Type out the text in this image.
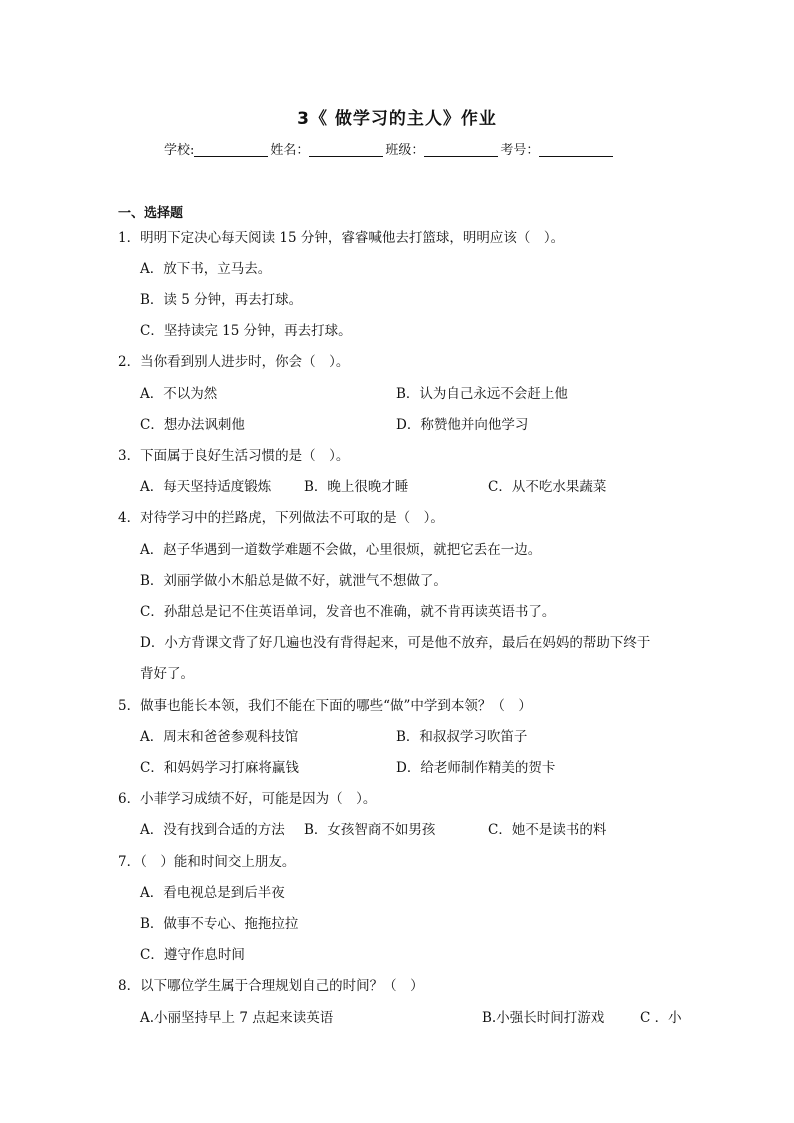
3《 做学习的主人》作业
学校:	姓名：	班级：	考号：
一、选择题
1．明明下定决心每天阅读 15 分钟，睿睿喊他去打篮球，明明应该（　）。
A．放下书，立马去。
B．读 5 分钟，再去打球。
C．坚持读完 15 分钟，再去打球。
2．当你看到别人进步时，你会（　）。
A．不以为然	B．认为自己永远不会赶上他
C．想办法讽刺他	D．称赞他并向他学习
3．下面属于良好生活习惯的是（　）。
A．每天坚持适度锻炼 B．晚上很晚才睡	C．从不吃水果蔬菜
4．对待学习中的拦路虎，下列做法不可取的是（　）。
A．赵子华遇到一道数学难题不会做，心里很烦，就把它丢在一边。
B．刘丽学做小木船总是做不好，就泄气不想做了。
C．孙甜总是记不住英语单词，发音也不准确，就不肯再读英语书了。
D．小方背课文背了好几遍也没有背得起来，可是他不放弃，最后在妈妈的帮助下终于
背好了。
5．做事也能长本领，我们不能在下面的哪些“做”中学到本领？（　）
A．周末和爸爸参观科技馆	B．和叔叔学习吹笛子
C．和妈妈学习打麻将赢钱	D．给老师制作精美的贺卡
6．小菲学习成绩不好，可能是因为（　）。
A．没有找到合适的方法 B．女孩智商不如男孩	C．她不是读书的料
7．（　）能和时间交上朋友。
A．看电视总是到后半夜
B．做事不专心、拖拖拉拉
C．遵守作息时间
8．以下哪位学生属于合理规划自己的时间？（　）
A.小丽坚持早上 7 点起来读英语	B.小强长时间打游戏	C ．小
